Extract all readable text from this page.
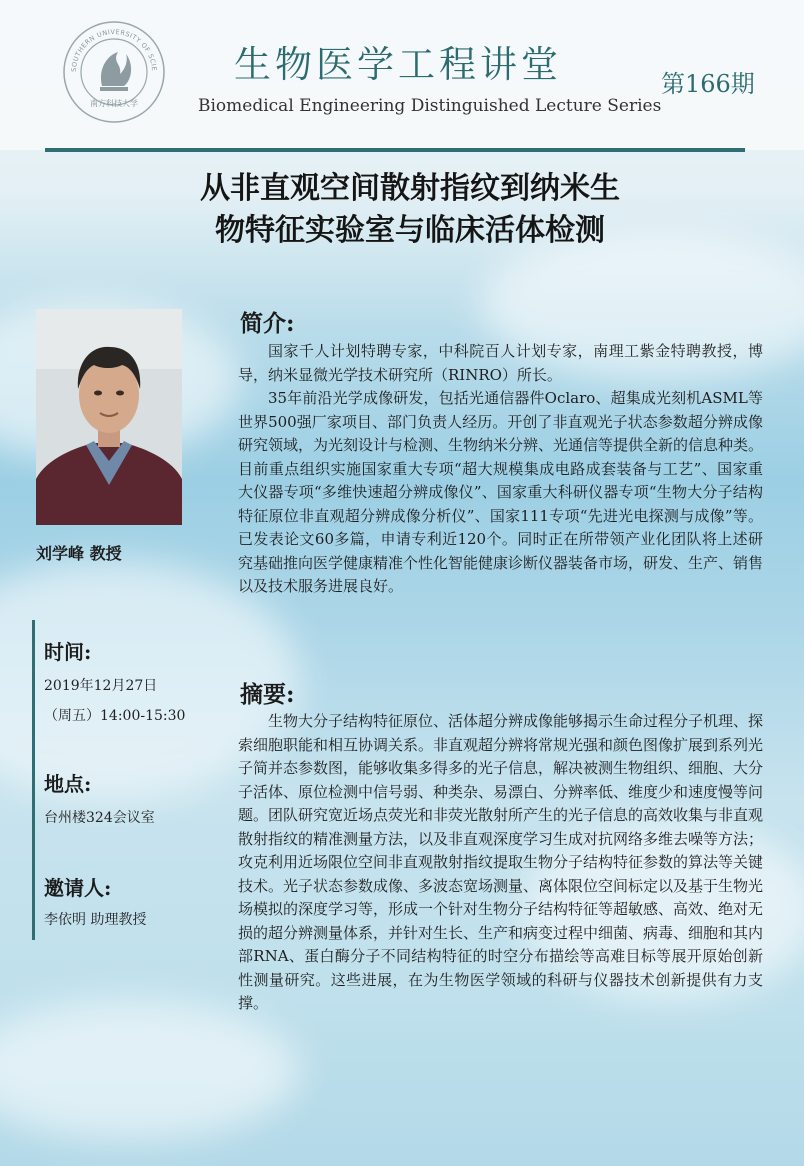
SOUTHERN UNIVERSITY OF SCIE
南方科技大学
生物医学工程讲堂	第166期
Biomedical Engineering Distinguished Lecture Series
从非直观空间散射指纹到纳米生
物特征实验室与临床活体检测
刘学峰 教授
时间:
2019年12月27日
（周五）14:00-15:30
地点:
台州楼324会议室
邀请人:
李依明 助理教授
简介:

国家千人计划特聘专家，中科院百人计划专家，南理工紫金特聘教授，博导，纳米显微光学技术研究所（RINRO）所长。

35年前沿光学成像研发，包括光通信器件Oclaro、超集成光刻机ASML等世界500强厂家项目、部门负责人经历。开创了非直观光子状态参数超分辨成像研究领域，为光刻设计与检测、生物纳米分辨、光通信等提供全新的信息种类。目前重点组织实施国家重大专项“超大规模集成电路成套装备与工艺”、国家重大仪器专项“多维快速超分辨成像仪”、国家重大科研仪器专项“生物大分子结构特征原位非直观超分辨成像分析仪”、国家111专项“先进光电探测与成像”等。已发表论文60多篇，申请专利近120个。同时正在所带领产业化团队将上述研究基础推向医学健康精准个性化智能健康诊断仪器装备市场，研发、生产、销售以及技术服务进展良好。

摘要:

生物大分子结构特征原位、活体超分辨成像能够揭示生命过程分子机理、探索细胞职能和相互协调关系。非直观超分辨将常规光强和颜色图像扩展到系列光子简并态参数图，能够收集多得多的光子信息，解决被测生物组织、细胞、大分子活体、原位检测中信号弱、种类杂、易漂白、分辨率低、维度少和速度慢等问题。团队研究宽近场点荧光和非荧光散射所产生的光子信息的高效收集与非直观散射指纹的精准测量方法，以及非直观深度学习生成对抗网络多维去噪等方法；攻克利用近场限位空间非直观散射指纹提取生物分子结构特征参数的算法等关键技术。光子状态参数成像、多波态宽场测量、离体限位空间标定以及基于生物光场模拟的深度学习等，形成一个针对生物分子结构特征等超敏感、高效、绝对无损的超分辨测量体系，并针对生长、生产和病变过程中细菌、病毒、细胞和其内部RNA、蛋白酶分子不同结构特征的时空分布描绘等高难目标等展开原始创新性测量研究。这些进展，在为生物医学领域的科研与仪器技术创新提供有力支撑。
